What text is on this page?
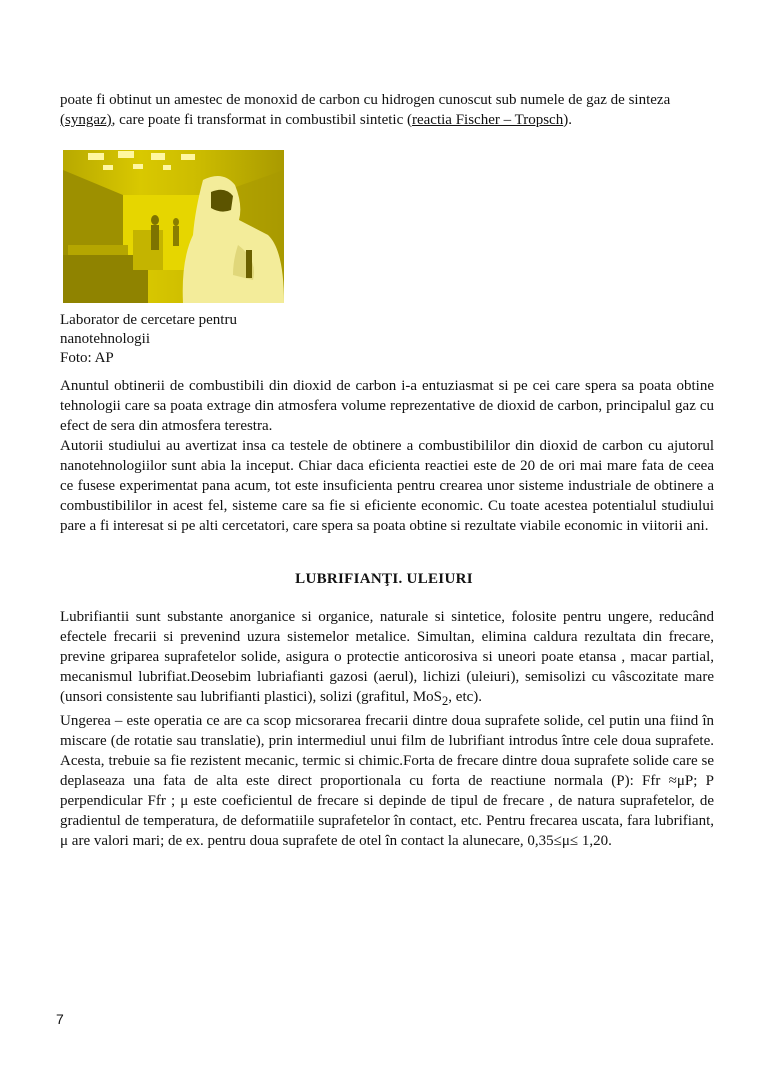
poate fi obtinut un amestec de monoxid de carbon cu hidrogen cunoscut sub numele de gaz de sinteza (syngaz), care poate fi transformat in combustibil sintetic (reactia Fischer – Tropsch).
Laborator de cercetare pentru
nanotehnologii
Foto: AP

Anuntul obtinerii de combustibili din dioxid de carbon i-a entuziasmat si pe cei care spera sa poata obtine tehnologii care sa poata extrage din atmosfera volume reprezentative de dioxid de carbon, principalul gaz cu efect de sera din atmosfera terestra.

Autorii studiului au avertizat insa ca testele de obtinere a combustibililor din dioxid de carbon cu ajutorul nanotehnologiilor sunt abia la inceput. Chiar daca eficienta reactiei este de 20 de ori mai mare fata de ceea ce fusese experimentat pana acum, tot este insuficienta pentru crearea unor sisteme industriale de obtinere a combustibililor in acest fel, sisteme care sa fie si eficiente economic. Cu toate acestea potentialul studiului pare a fi interesat si pe alti cercetatori, care spera sa poata obtine si rezultate viabile economic in viitorii ani.

LUBRIFIANŢI. ULEIURI

Lubrifiantii sunt substante anorganice si organice, naturale si sintetice, folosite pentru ungere, reducând efectele frecarii si prevenind uzura sistemelor metalice. Simultan, elimina caldura rezultata din frecare, previne griparea suprafetelor solide, asigura o protectie anticorosiva si uneori poate etansa , macar partial, mecanismul lubrifiat.Deosebim lubriafianti gazosi (aerul), lichizi (uleiuri), semisolizi cu vâscozitate mare (unsori consistente sau lubrifianti plastici), solizi (grafitul, MoS$_2$, etc).

Ungerea – este operatia ce are ca scop micsorarea frecarii dintre doua suprafete solide, cel putin una fiind în miscare (de rotatie sau translatie), prin intermediul unui film de lubrifiant introdus între cele doua suprafete. Acesta, trebuie sa fie rezistent mecanic, termic si chimic.Forta de frecare dintre doua suprafete solide care se deplaseaza una fata de alta este direct proportionala cu forta de reactiune normala (P): Ffr ≈μP; P perpendicular Ffr ; μ este coeficientul de frecare si depinde de tipul de frecare , de natura suprafetelor, de gradientul de temperatura, de deformatiile suprafetelor în contact, etc. Pentru frecarea uscata, fara lubrifiant, μ are valori mari; de ex. pentru doua suprafete de otel în contact la alunecare, 0,35≤μ≤ 1,20.

7
